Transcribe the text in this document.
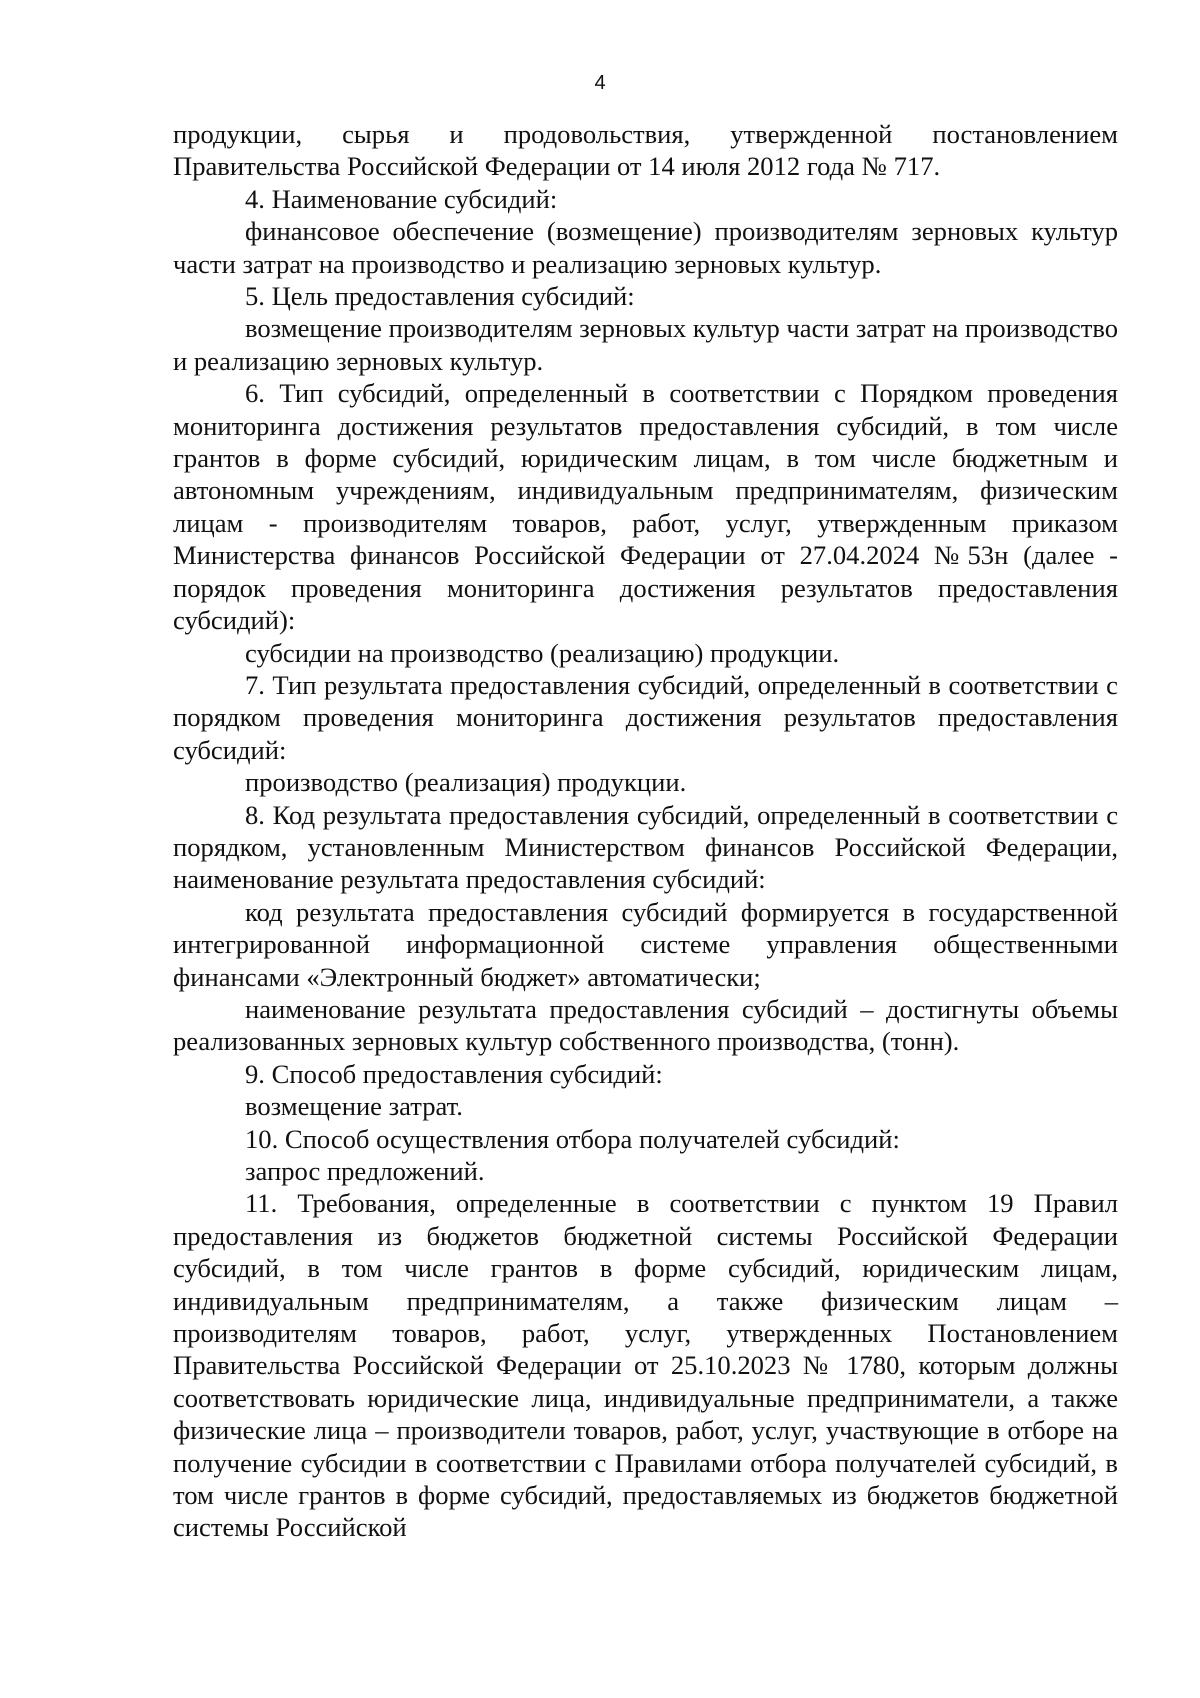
4

продукции, сырья и продовольствия, утвержденной постановлением Правительства Российской Федерации от 14 июля 2012 года № 717.

4. Наименование субсидий:

финансовое обеспечение (возмещение) производителям зерновых культур части затрат на производство и реализацию зерновых культур.

5. Цель предоставления субсидий:

возмещение производителям зерновых культур части затрат на производство и реализацию зерновых культур.

6. Тип субсидий, определенный в соответствии с Порядком проведения мониторинга достижения результатов предоставления субсидий, в том числе грантов в форме субсидий, юридическим лицам, в том числе бюджетным и автономным учреждениям, индивидуальным предпринимателям, физическим лицам - производителям товаров, работ, услуг, утвержденным приказом Министерства финансов Российской Федерации от 27.04.2024 №53н (далее - порядок проведения мониторинга достижения результатов предоставления субсидий):

субсидии на производство (реализацию) продукции.

7. Тип результата предоставления субсидий, определенный в соответствии с порядком проведения мониторинга достижения результатов предоставления субсидий:

производство (реализация) продукции.

8. Код результата предоставления субсидий, определенный в соответствии с порядком, установленным Министерством финансов Российской Федерации, наименование результата предоставления субсидий:

код результата предоставления субсидий формируется в государственной интегрированной информационной системе управления общественными финансами «Электронный бюджет» автоматически;

наименование результата предоставления субсидий – достигнуты объемы реализованных зерновых культур собственного производства, (тонн).

9. Способ предоставления субсидий:

возмещение затрат.

10. Способ осуществления отбора получателей субсидий:

запрос предложений.

11. Требования, определенные в соответствии с пунктом 19 Правил предоставления из бюджетов бюджетной системы Российской Федерации субсидий, в том числе грантов в форме субсидий, юридическим лицам, индивидуальным предпринимателям, а также физическим лицам – производителям товаров, работ, услуг, утвержденных Постановлением Правительства Российской Федерации от 25.10.2023 № 1780, которым должны соответствовать юридические лица, индивидуальные предприниматели, а также физические лица – производители товаров, работ, услуг, участвующие в отборе на получение субсидии в соответствии с Правилами отбора получателей субсидий, в том числе грантов в форме субсидий, предоставляемых из бюджетов бюджетной системы Российской
